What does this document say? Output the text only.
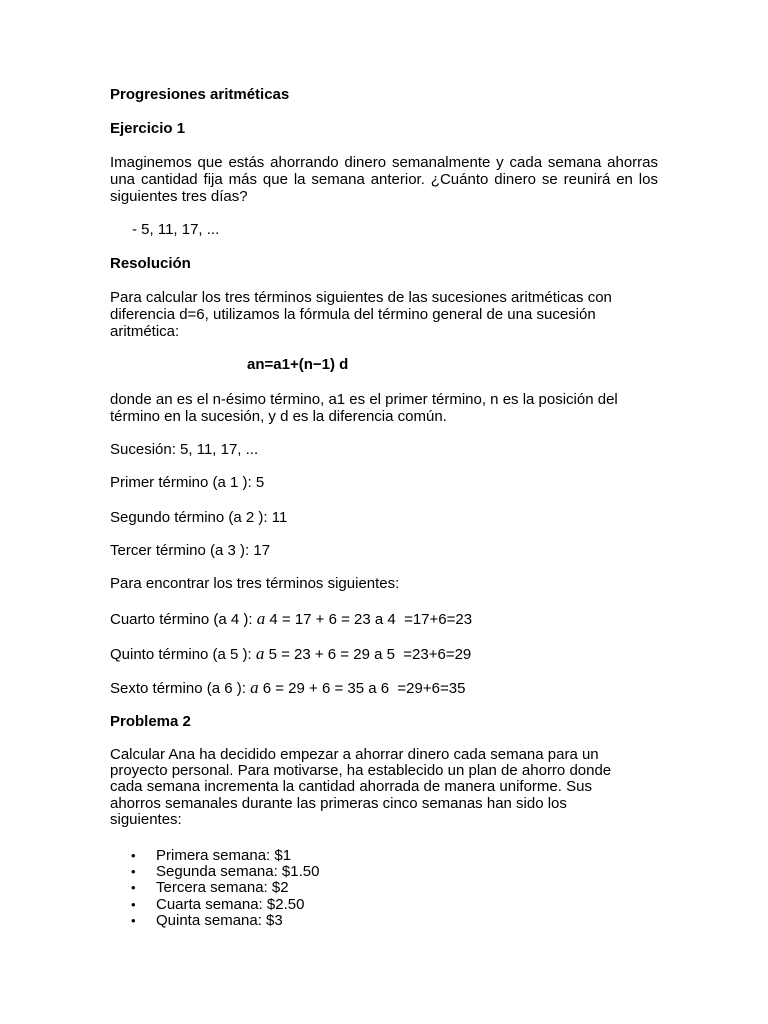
Progresiones aritméticas
Ejercicio 1
Imaginemos que estás ahorrando dinero semanalmente y cada semana ahorras una cantidad fija más que la semana anterior. ¿Cuánto dinero se reunirá en los siguientes tres días?
- 5, 11, 17, ...
Resolución
Para calcular los tres términos siguientes de las sucesiones aritméticas con diferencia d=6, utilizamos la fórmula del término general de una sucesión aritmética:
an=a1+(n−1) d
donde an es el n-ésimo término, a1 es el primer término, n es la posición del término en la sucesión, y d es la diferencia común.
Sucesión: 5, 11, 17, ...
Primer término (a 1 ): 5
Segundo término (a 2 ): 11
Tercer término (a 3 ): 17
Para encontrar los tres términos siguientes:
Cuarto término (a 4 ): a 4 = 17 + 6 = 23 a 4  =17+6=23
Quinto término (a 5 ): a 5 = 23 + 6 = 29 a 5  =23+6=29
Sexto término (a 6 ): a 6 = 29 + 6 = 35 a 6  =29+6=35
Problema 2
Calcular Ana ha decidido empezar a ahorrar dinero cada semana para un
proyecto personal. Para motivarse, ha establecido un plan de ahorro donde
cada semana incrementa la cantidad ahorrada de manera uniforme. Sus
ahorros semanales durante las primeras cinco semanas han sido los
siguientes:
• Primera semana: $1
• Segunda semana: $1.50
• Tercera semana: $2
• Cuarta semana: $2.50
• Quinta semana: $3
